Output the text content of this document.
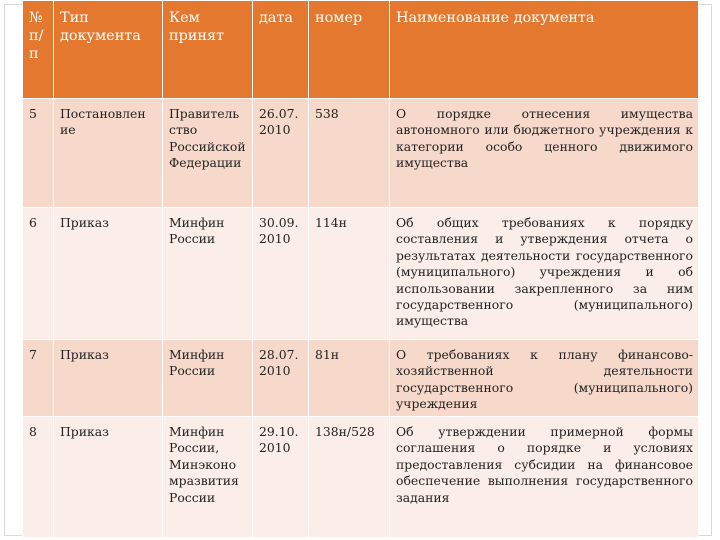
№ п/ п	Тип документа	Кем принят	дата	номер	Наименование документа
5	Постановлен ие	Правитель ство Российской Федерации	26.07. 2010	538	О порядке отнесения имущества автономного или бюджетного учреждения к категории особо ценного движимого имущества
6	Приказ	Минфин России	30.09. 2010	114н	Об общих требованиях к порядку составления и утверждения отчета о результатах деятельности государственного (муниципального) учреждения и об использовании закрепленного за ним государственного (муниципального) имущества
7	Приказ	Минфин России	28.07. 2010	81н	О требованиях к плану финансово-хозяйственной деятельности государственного (муниципального) учреждения
8	Приказ	Минфин России, Минэконо мразвития России	29.10. 2010	138н/528	Об утверждении примерной формы соглашения о порядке и условиях предоставления субсидии на финансовое обеспечение выполнения государственного задания
